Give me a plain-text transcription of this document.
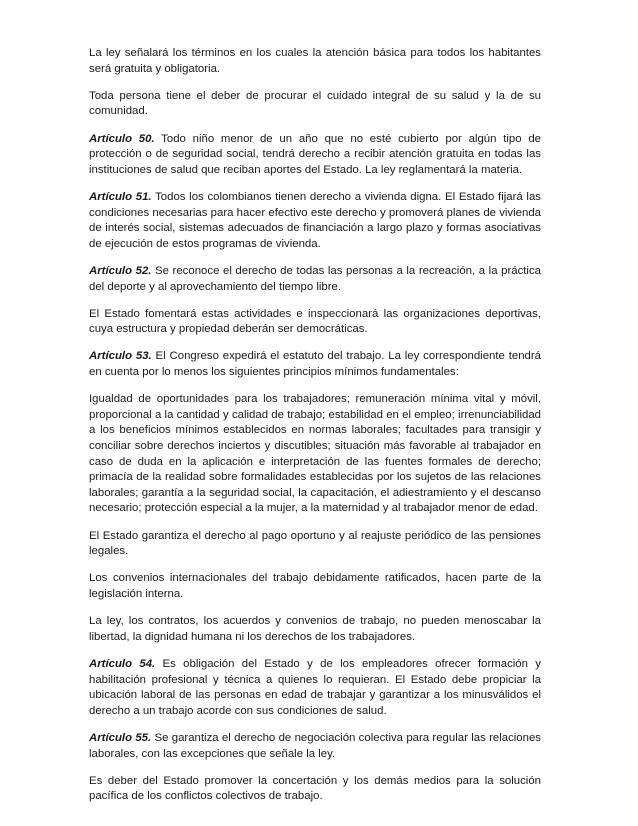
La ley señalará los términos en los cuales la atención básica para todos los habitantes será gratuita y obligatoria.

Toda persona tiene el deber de procurar el cuidado integral de su salud y la de su comunidad.

Artículo 50. Todo niño menor de un año que no esté cubierto por algún tipo de protección o de seguridad social, tendrá derecho a recibir atención gratuita en todas las instituciones de salud que reciban aportes del Estado. La ley reglamentará la materia.

Artículo 51. Todos los colombianos tienen derecho a vivienda digna. El Estado fijará las condiciones necesarias para hacer efectivo este derecho y promoverá planes de vivienda de interés social, sistemas adecuados de financiación a largo plazo y formas asociativas de ejecución de estos programas de vivienda.

Artículo 52. Se reconoce el derecho de todas las personas a la recreación, a la práctica del deporte y al aprovechamiento del tiempo libre.

El Estado fomentará estas actividades e inspeccionará las organizaciones deportivas, cuya estructura y propiedad deberán ser democráticas.

Artículo 53. El Congreso expedirá el estatuto del trabajo. La ley correspondiente tendrá en cuenta por lo menos los siguientes principios mínimos fundamentales:

Igualdad de oportunidades para los trabajadores; remuneración mínima vital y móvil, proporcional a la cantidad y calidad de trabajo; estabilidad en el empleo; irrenunciabilidad a los beneficios mínimos establecidos en normas laborales; facultades para transigir y conciliar sobre derechos inciertos y discutibles; situación más favorable al trabajador en caso de duda en la aplicación e interpretación de las fuentes formales de derecho; primacía de la realidad sobre formalidades establecidas por los sujetos de las relaciones laborales; garantía a la seguridad social, la capacitación, el adiestramiento y el descanso necesario; protección especial a la mujer, a la maternidad y al trabajador menor de edad.

El Estado garantiza el derecho al pago oportuno y al reajuste periódico de las pensiones legales.

Los convenios internacionales del trabajo debidamente ratificados, hacen parte de la legislación interna.

La ley, los contratos, los acuerdos y convenios de trabajo, no pueden menoscabar la libertad, la dignidad humana ni los derechos de los trabajadores.

Artículo 54. Es obligación del Estado y de los empleadores ofrecer formación y habilitación profesional y técnica a quienes lo requieran. El Estado debe propiciar la ubicación laboral de las personas en edad de trabajar y garantizar a los minusválidos el derecho a un trabajo acorde con sus condiciones de salud.

Artículo 55. Se garantiza el derecho de negociación colectiva para regular las relaciones laborales, con las excepciones que señale la ley.

Es deber del Estado promover la concertación y los demás medios para la solución pacífica de los conflictos colectivos de trabajo.
